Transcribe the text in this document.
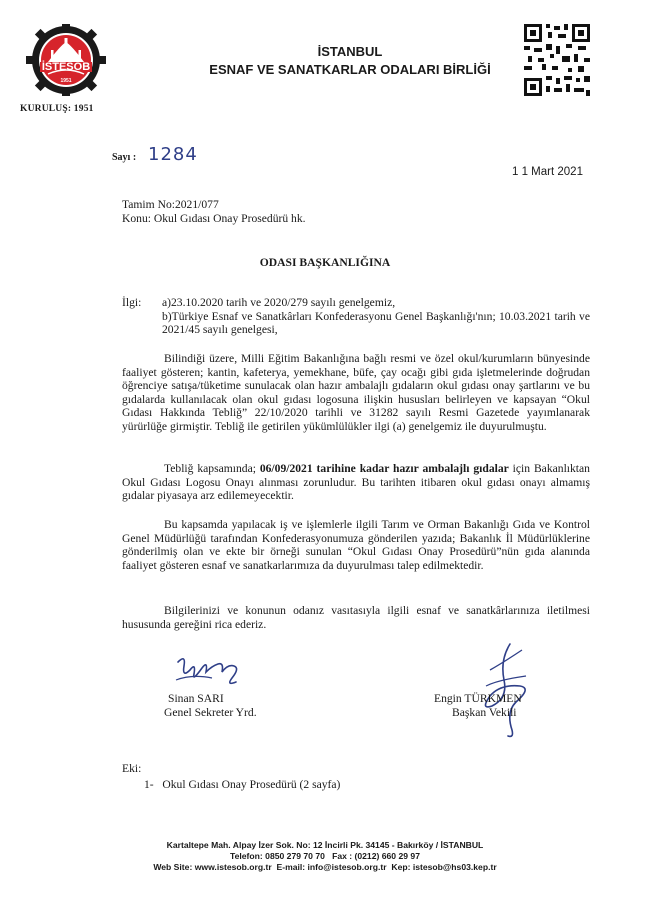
İSTESOB
1951
KURULUŞ: 1951
İSTANBUL
ESNAF VE SANATKARLAR ODALARI BİRLİĞİ
Sayı : 1284
1 1 Mart 2021
Tamim No:2021/077
Konu: Okul Gıdası Onay Prosedürü hk.
ODASI BAŞKANLIĞINA
İlgi: a)23.10.2020 tarih ve 2020/279 sayılı genelgemiz,

b)Türkiye Esnaf ve Sanatkârları Konfederasyonu Genel Başkanlığı'nın; 10.03.2021 tarih ve 2021/45 sayılı genelgesi,

Bilindiği üzere, Milli Eğitim Bakanlığına bağlı resmi ve özel okul/kurumların bünyesinde faaliyet gösteren; kantin, kafeterya, yemekhane, büfe, çay ocağı gibi gıda işletmelerinde doğrudan öğrenciye satışa/tüketime sunulacak olan hazır ambalajlı gıdaların okul gıdası onay şartlarını ve bu gıdalarda kullanılacak olan okul gıdası logosuna ilişkin hususları belirleyen ve kapsayan “Okul Gıdası Hakkında Tebliğ” 22/10/2020 tarihli ve 31282 sayılı Resmi Gazetede yayımlanarak yürürlüğe girmiştir. Tebliğ ile getirilen yükümlülükler ilgi (a) genelgemiz ile duyurulmuştu.
Tebliğ kapsamında; 06/09/2021 tarihine kadar hazır ambalajlı gıdalar için Bakanlıktan Okul Gıdası Logosu Onayı alınması zorunludur. Bu tarihten itibaren okul gıdası onayı almamış gıdalar piyasaya arz edilemeyecektir.
Bu kapsamda yapılacak iş ve işlemlerle ilgili Tarım ve Orman Bakanlığı Gıda ve Kontrol Genel Müdürlüğü tarafından Konfederasyonumuza gönderilen yazıda; Bakanlık İl Müdürlüklerine gönderilmiş olan ve ekte bir örneği sunulan “Okul Gıdası Onay Prosedürü”nün gıda alanında faaliyet gösteren esnaf ve sanatkarlarımıza da duyurulması talep edilmektedir.
Bilgilerinizi ve konunun odanız vasıtasıyla ilgili esnaf ve sanatkârlarınıza iletilmesi hususunda gereğini rica ederiz.
Sinan SARI
Genel Sekreter Yrd.
Engin TÜRKMEN
Başkan Vekili
Eki:
1-   Okul Gıdası Onay Prosedürü (2 sayfa)
Kartaltepe Mah. Alpay İzer Sok. No: 12 İncirli Pk. 34145 - Bakırköy / İSTANBUL
Telefon: 0850 279 70 70   Fax : (0212) 660 29 97
Web Site: www.istesob.org.tr  E-mail: info@istesob.org.tr  Kep: istesob@hs03.kep.tr
